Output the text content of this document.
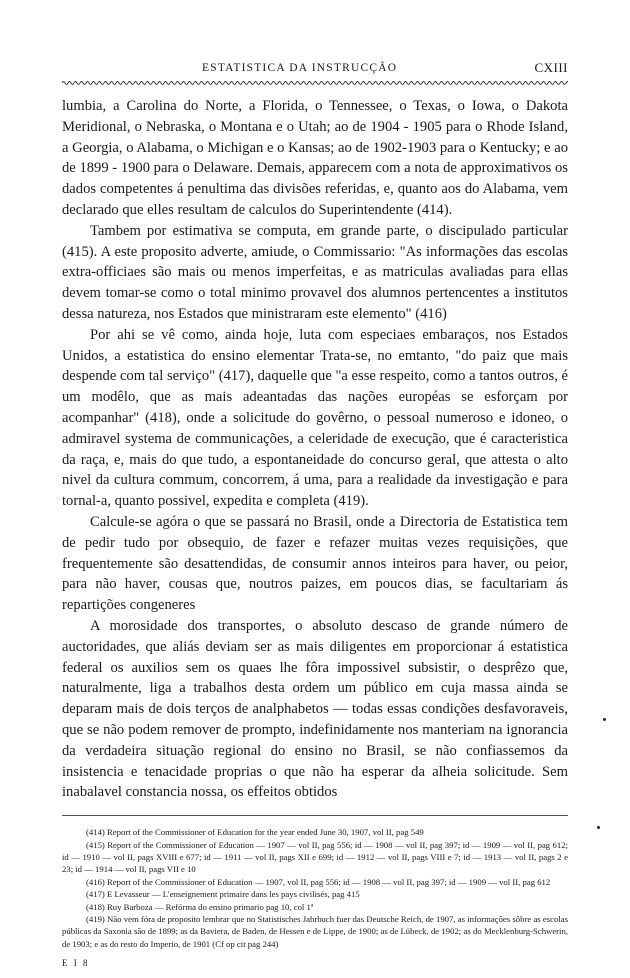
ESTATISTICA DA INSTRUCÇÃO	CXIII

lumbia, a Carolina do Norte, a Florida, o Tennessee, o Texas, o Iowa, o Dakota Meridional, o Nebraska, o Montana e o Utah; ao de 1904 - 1905 para o Rhode Island, a Georgia, o Alabama, o Michigan e o Kansas; ao de 1902-1903 para o Kentucky; e ao de 1899 - 1900 para o Delaware. Demais, apparecem com a nota de approximativos os dados competentes á penultima das divisões referidas, e, quanto aos do Alabama, vem declarado que elles resultam de calculos do Superintendente (414).

Tambem por estimativa se computa, em grande parte, o discipulado particular (415). A este proposito adverte, amiude, o Commissario: "As informações das escolas extra-officiaes são mais ou menos imperfeitas, e as matriculas avaliadas para ellas devem tomar-se como o total minimo provavel dos alumnos pertencentes a institutos dessa natureza, nos Estados que ministraram este elemento" (416)

Por ahi se vê como, ainda hoje, luta com especiaes embaraços, nos Estados Unidos, a estatistica do ensino elementar Trata-se, no emtanto, "do paiz que mais despende com tal serviço" (417), daquelle que "a esse respeito, como a tantos outros, é um modêlo, que as mais adeantadas das nações européas se esforçam por acompanhar" (418), onde a solicitude do govêrno, o pessoal numeroso e idoneo, o admiravel systema de communicações, a celeridade de execução, que é caracteristica da raça, e, mais do que tudo, a espontaneidade do concurso geral, que attesta o alto nivel da cultura commum, concorrem, á uma, para a realidade da investigação e para tornal-a, quanto possivel, expedita e completa (419).

Calcule-se agóra o que se passará no Brasil, onde a Directoria de Estatistica tem de pedir tudo por obsequio, de fazer e refazer muitas vezes requisições, que frequentemente são desattendidas, de consumir annos inteiros para haver, ou peior, para não haver, cousas que, noutros paizes, em poucos dias, se facultariam ás repartições congeneres

A morosidade dos transportes, o absoluto descaso de grande número de auctoridades, que aliás deviam ser as mais diligentes em proporcionar á estatistica federal os auxilios sem os quaes lhe fôra impossivel subsistir, o desprêzo que, naturalmente, liga a trabalhos desta ordem um público em cuja massa ainda se deparam mais de dois terços de analphabetos — todas essas condições desfavoraveis, que se não podem remover de prompto, indefinidamente nos manteriam na ignorancia da verdadeira situação regional do ensino no Brasil, se não confiassemos da insistencia e tenacidade proprias o que não ha esperar da alheia solicitude. Sem inabalavel constancia nossa, os effeitos obtidos

(414) Report of the Commissioner of Education for the year ended June 30, 1907, vol II, pag 549

(415) Report of the Commissioner of Education — 1907 — vol II, pag 556; id — 1908 — vol II, pag 397; id — 1909 — vol II, pag 612; id — 1910 — vol II, pags XVIII e 677; id — 1911 — vol II, pags XII e 699; id — 1912 — vol II, pags VIII e 7; id — 1913 — vol II, pags 2 e 23; id — 1914 — vol II, pags VII e 10

(416) Report of the Commissioner of Education — 1907, vol II, pag 556; id — 1908 — vol II, pag 397; id — 1909 — vol II, pag 612

(417) E Levasseur — L'enseignement primaire dans les pays civilisés, pag 415

(418) Ruy Barboza — Refórma do ensino primario pag 10, col 1ª

(419) Não vem fóra de proposito lembrar que no Statistisches Jahrbuch fuer das Deutsche Reich, de 1907, as informações sôbre as escolas públicas da Saxonia são de 1899; as da Baviera, de Baden, de Hessen e de Lippe, de 1900; as de Lübeck, de 1902; as do Mecklenburg-Schwerin, de 1903; e as do resto do Imperio, de 1901 (Cf op cit pag 244)

E I 8
